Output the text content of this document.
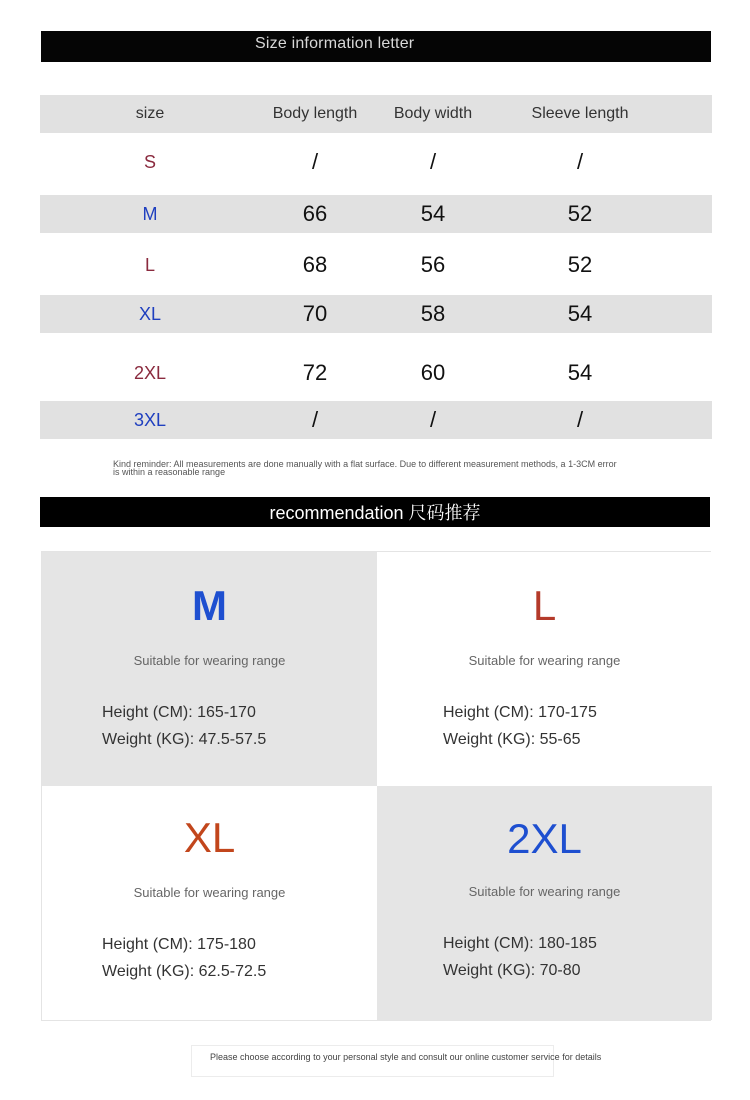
Size information letter
size	Body length	Body width	Sleeve length
S	/	/	/
M	66	54	52
L	68	56	52
XL	70	58	54
2XL	72	60	54
3XL	/	/	/
Kind reminder: All measurements are done manually with a flat surface. Due to different measurement methods, a 1-3CM error
is within a reasonable range
recommendation 尺码推荐
M
Suitable for wearing range
Height (CM): 165-170
Weight (KG): 47.5-57.5
L
Suitable for wearing range
Height (CM): 170-175
Weight (KG): 55-65
XL
Suitable for wearing range
Height (CM): 175-180
Weight (KG): 62.5-72.5
2XL
Suitable for wearing range
Height (CM): 180-185
Weight (KG): 70-80
Please choose according to your personal style and consult our online customer service for details
